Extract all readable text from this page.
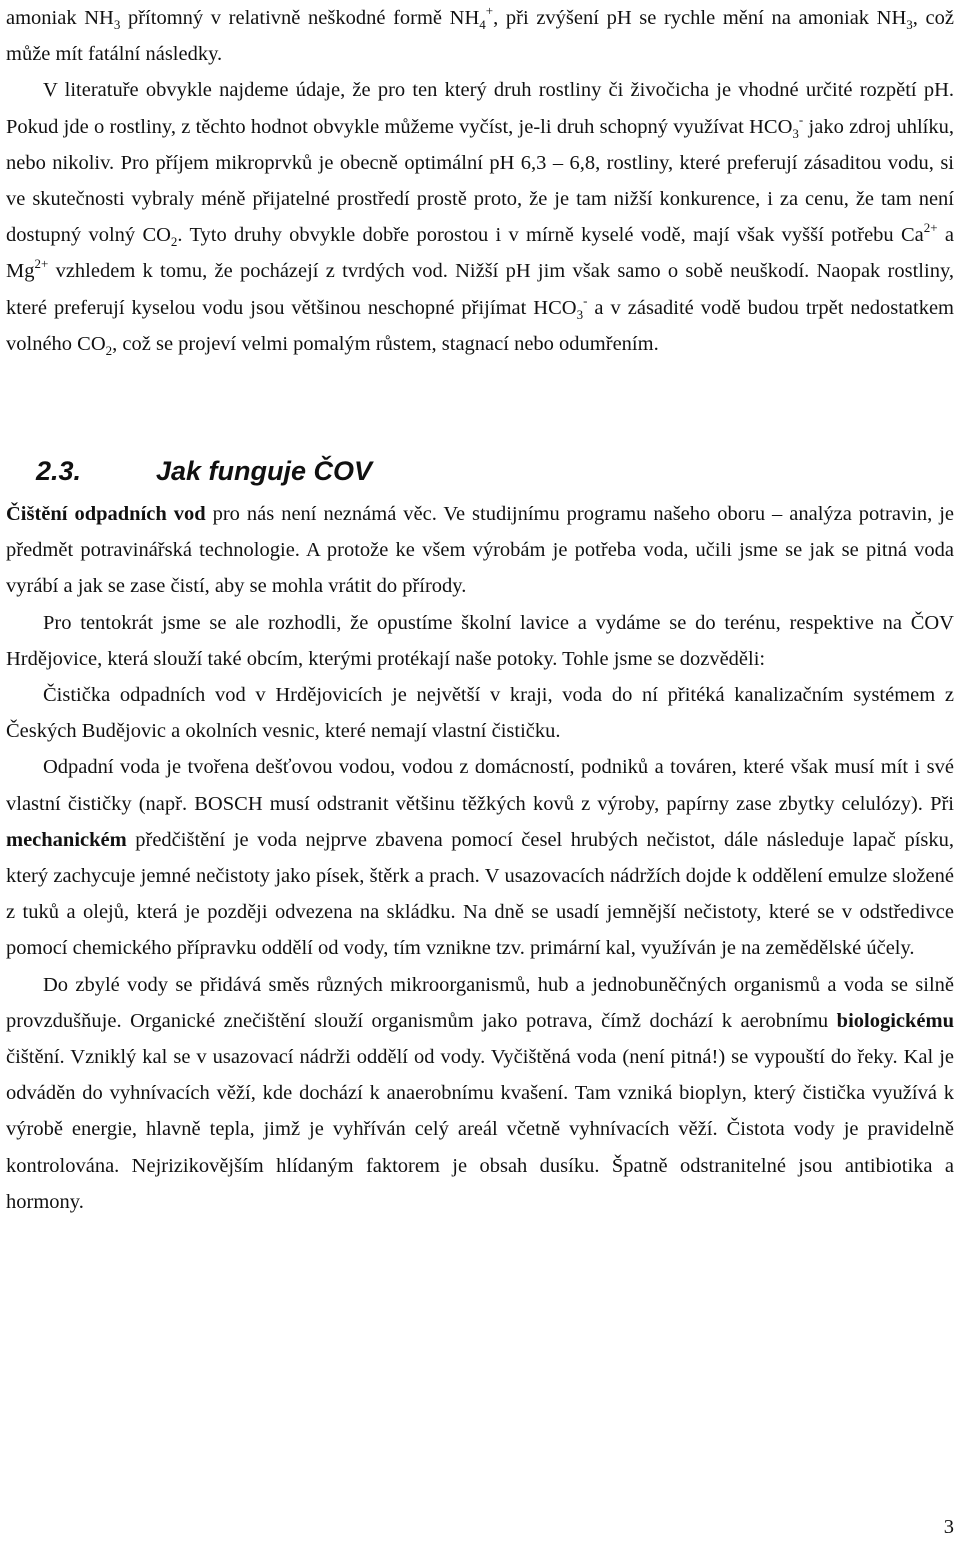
amoniak $NH_3$ přítomný v relativně neškodné formě $NH_4^+$, při zvýšení pH se rychle mění na amoniak $NH_3$, což může mít fatální následky.

V literatuře obvykle najdeme údaje, že pro ten který druh rostliny či živočicha je vhodné určité rozpětí pH. Pokud jde o rostliny, z těchto hodnot obvykle můžeme vyčíst, je-li druh schopný využívat $HCO_3^-$ jako zdroj uhlíku, nebo nikoliv. Pro příjem mikroprvků je obecně optimální pH 6,3 – 6,8, rostliny, které preferují zásaditou vodu, si ve skutečnosti vybraly méně přijatelné prostředí prostě proto, že je tam nižší konkurence, i za cenu, že tam není dostupný volný $CO_2$. Tyto druhy obvykle dobře porostou i v mírně kyselé vodě, mají však vyšší potřebu $Ca^{2+}$ a $Mg^{2+}$ vzhledem k tomu, že pocházejí z tvrdých vod. Nižší pH jim však samo o sobě neuškodí. Naopak rostliny, které preferují kyselou vodu jsou většinou neschopné přijímat $HCO_3^-$ a v zásadité vodě budou trpět nedostatkem volného $CO_2$, což se projeví velmi pomalým růstem, stagnací nebo odumřením.

2.3.	Jak funguje ČOV

Čištění odpadních vod pro nás není neznámá věc. Ve studijnímu programu našeho oboru – analýza potravin, je předmět potravinářská technologie. A protože ke všem výrobám je potřeba voda, učili jsme se jak se pitná voda vyrábí a jak se zase čistí, aby se mohla vrátit do přírody.

Pro tentokrát jsme se ale rozhodli, že opustíme školní lavice a vydáme se do terénu, respektive na ČOV Hrdějovice, která slouží také obcím, kterými protékají naše potoky. Tohle jsme se dozvěděli:

Čistička odpadních vod v Hrdějovicích je největší v kraji, voda do ní přitéká kanalizačním systémem z Českých Budějovic a okolních vesnic, které nemají vlastní čističku.

Odpadní voda je tvořena dešťovou vodou, vodou z domácností, podniků a továren, které však musí mít i své vlastní čističky (např. BOSCH musí odstranit většinu těžkých kovů z výroby, papírny zase zbytky celulózy). Při mechanickém předčištění je voda nejprve zbavena pomocí česel hrubých nečistot, dále následuje lapač písku, který zachycuje jemné nečistoty jako písek, štěrk a prach. V usazovacích nádržích dojde k oddělení emulze složené z tuků a olejů, která je později odvezena na skládku. Na dně se usadí jemnější nečistoty, které se v odstředivce pomocí chemického přípravku oddělí od vody, tím vznikne tzv. primární kal, využíván je na zemědělské účely.

Do zbylé vody se přidává směs různých mikroorganismů, hub a jednobuněčných organismů a voda se silně provzdušňuje. Organické znečištění slouží organismům jako potrava, čímž dochází k aerobnímu biologickému čištění. Vzniklý kal se v usazovací nádrži oddělí od vody. Vyčištěná voda (není pitná!) se vypouští do řeky. Kal je odváděn do vyhnívacích věží, kde dochází k anaerobnímu kvašení. Tam vzniká bioplyn, který čistička využívá k výrobě energie, hlavně tepla, jimž je vyhříván celý areál včetně vyhnívacích věží. Čistota vody je pravidelně kontrolována. Nejrizikovějším hlídaným faktorem je obsah dusíku. Špatně odstranitelné jsou antibiotika a hormony.

3
